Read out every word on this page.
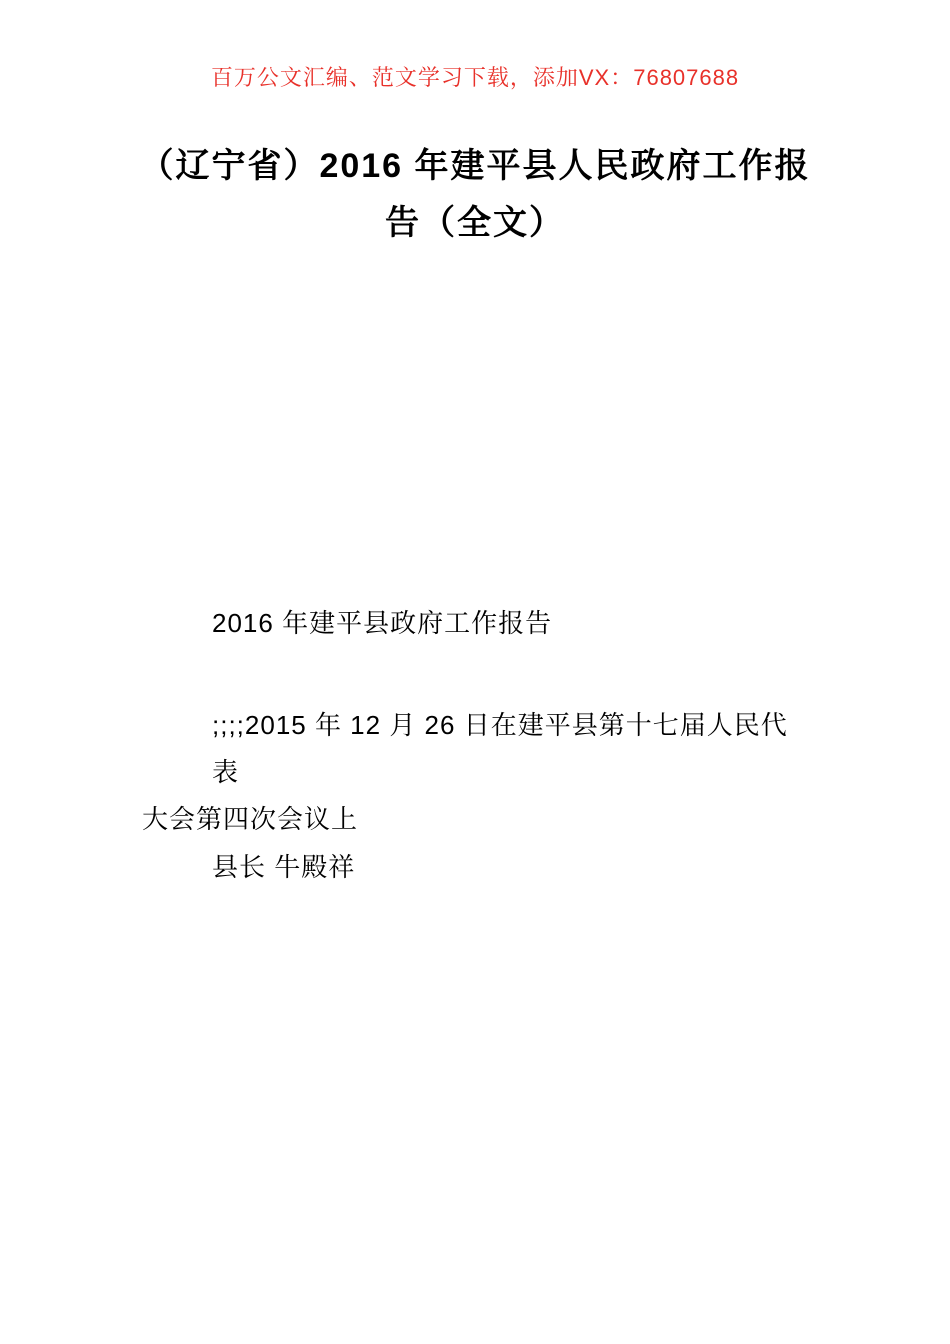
百万公文汇编、范文学习下载，添加VX：76807688
（辽宁省）2016 年建平县人民政府工作报
告（全文）

2016 年建平县政府工作报告

;;;;2015 年 12 月 26 日在建平县第十七届人民代表
大会第四次会议上

县长 牛殿祥
